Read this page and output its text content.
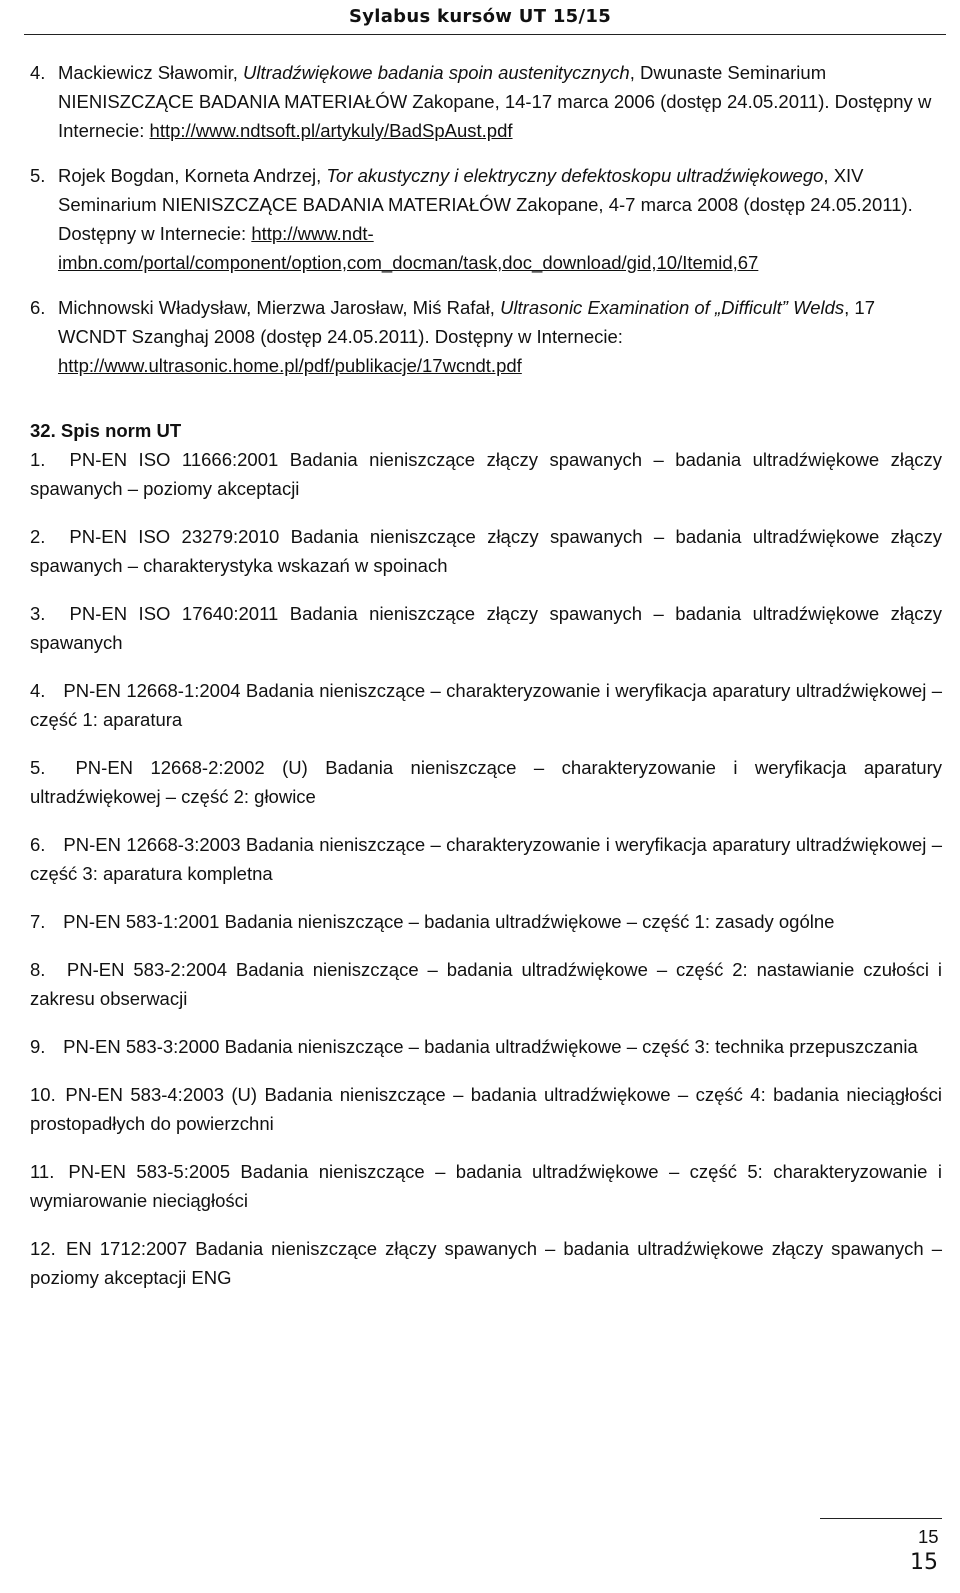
Sylabus kursów UT 15/15
4. Mackiewicz Sławomir, Ultradźwiękowe badania spoin austenitycznych, Dwunaste Seminarium NIENISZCZĄCE BADANIA MATERIAŁÓW Zakopane, 14-17 marca 2006 (dostęp 24.05.2011). Dostępny w Internecie: http://www.ndtsoft.pl/artykuly/BadSpAust.pdf
5. Rojek Bogdan, Korneta Andrzej, Tor akustyczny i elektryczny defektoskopu ultradźwiękowego, XIV Seminarium NIENISZCZĄCE BADANIA MATERIAŁÓW Zakopane, 4-7 marca 2008 (dostęp 24.05.2011). Dostępny w Internecie: http://www.ndt-imbn.com/portal/component/option,com_docman/task,doc_download/gid,10/Itemid,67
6. Michnowski Władysław, Mierzwa Jarosław, Miś Rafał, Ultrasonic Examination of „Difficult” Welds, 17 WCNDT Szanghaj 2008 (dostęp 24.05.2011). Dostępny w Internecie: http://www.ultrasonic.home.pl/pdf/publikacje/17wcndt.pdf
32. Spis norm UT
1. PN-EN ISO 11666:2001 Badania nieniszczące złączy spawanych – badania ultradźwiękowe złączy spawanych – poziomy akceptacji
2. PN-EN ISO 23279:2010 Badania nieniszczące złączy spawanych – badania ultradźwiękowe złączy spawanych – charakterystyka wskazań w spoinach
3. PN-EN ISO 17640:2011 Badania nieniszczące złączy spawanych – badania ultradźwiękowe złączy spawanych
4. PN-EN 12668-1:2004 Badania nieniszczące – charakteryzowanie i weryfikacja aparatury ultradźwiękowej – część 1: aparatura
5. PN-EN 12668-2:2002 (U) Badania nieniszczące – charakteryzowanie i weryfikacja aparatury ultradźwiękowej – część 2: głowice
6. PN-EN 12668-3:2003 Badania nieniszczące – charakteryzowanie i weryfikacja aparatury ultradźwiękowej – część 3: aparatura kompletna
7. PN-EN 583-1:2001 Badania nieniszczące – badania ultradźwiękowe – część 1: zasady ogólne
8. PN-EN 583-2:2004 Badania nieniszczące – badania ultradźwiękowe – część 2: nastawianie czułości i zakresu obserwacji
9. PN-EN 583-3:2000 Badania nieniszczące – badania ultradźwiękowe – część 3: technika przepuszczania
10. PN-EN 583-4:2003 (U) Badania nieniszczące – badania ultradźwiękowe – część 4: badania nieciągłości prostopadłych do powierzchni
11. PN-EN 583-5:2005 Badania nieniszczące – badania ultradźwiękowe – część 5: charakteryzowanie i wymiarowanie nieciągłości
12. EN 1712:2007 Badania nieniszczące złączy spawanych – badania ultradźwiękowe złączy spawanych – poziomy akceptacji ENG
15
15
